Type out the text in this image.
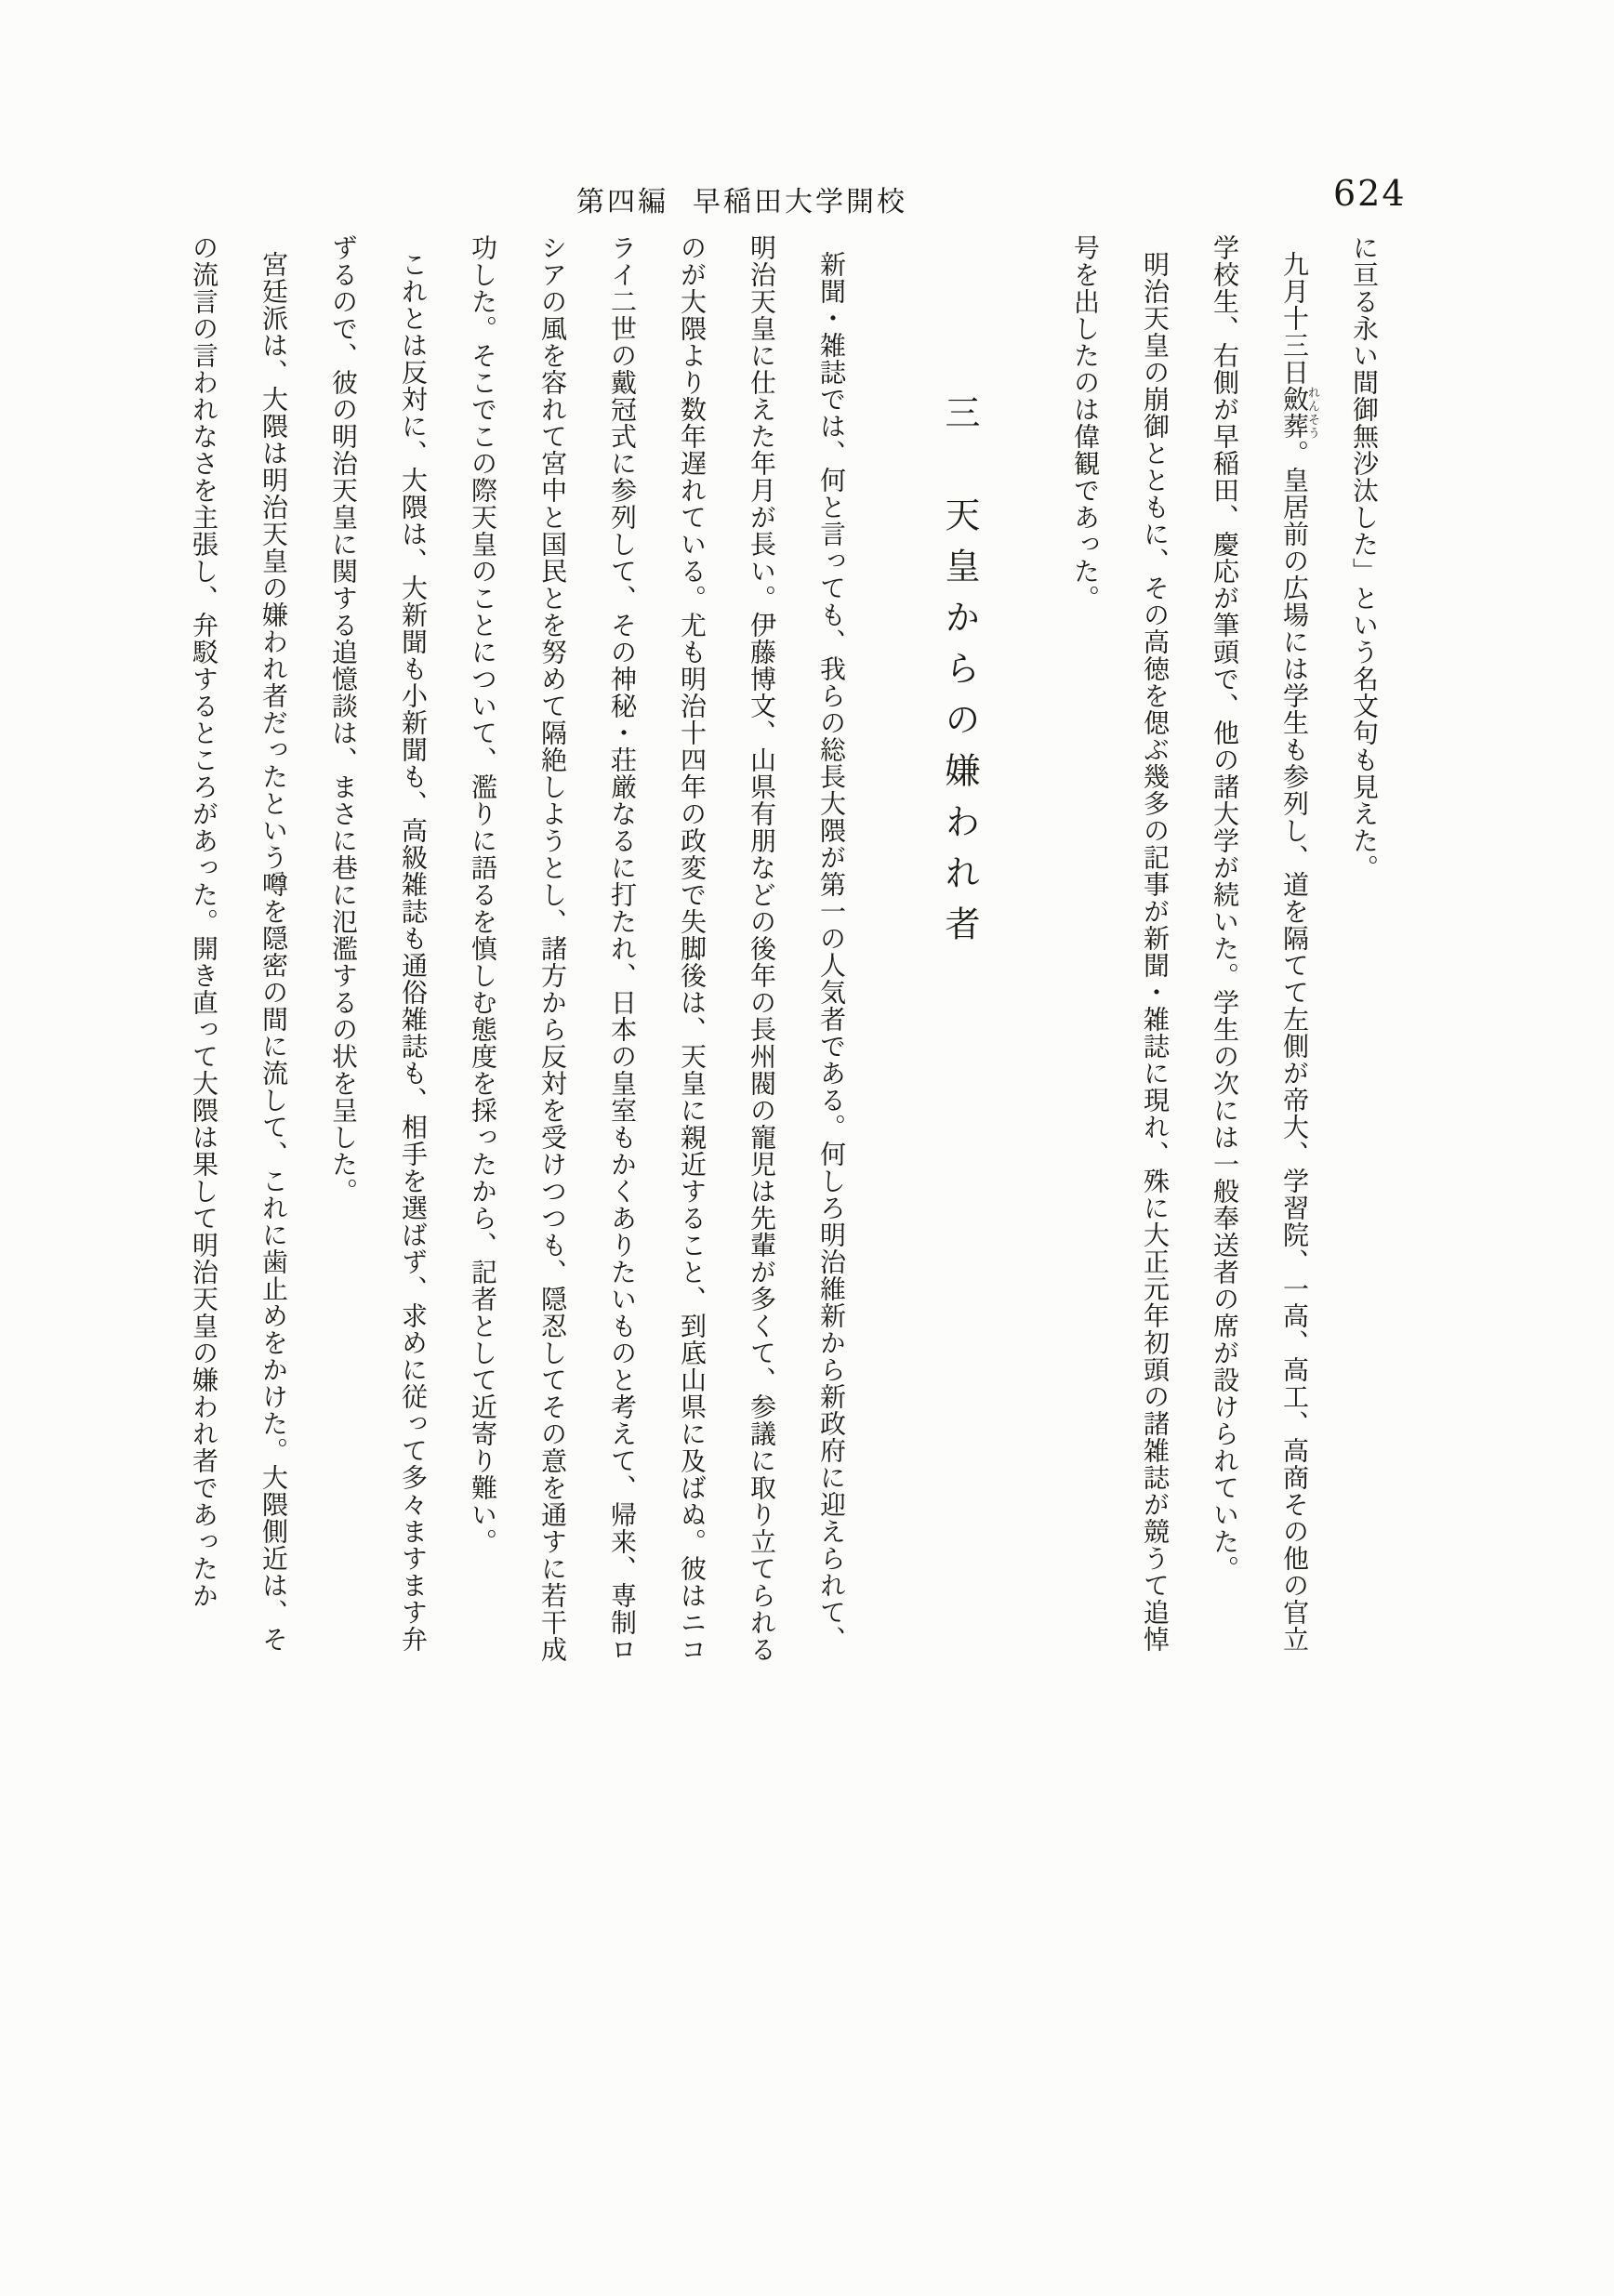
第四編 早稲田大学開校	624

に亘る永い間御無沙汰した」という名文句も見えた。

九月十三日斂葬れんそう。皇居前の広場には学生も参列し、道を隔てて左側が帝大、学習院、一高、高工、高商その他の官立学校生、右側が早稲田、慶応が筆頭で、他の諸大学が続いた。学生の次には一般奉送者の席が設けられていた。

明治天皇の崩御とともに、その高徳を偲ぶ幾多の記事が新聞・雑誌に現れ、殊に大正元年初頭の諸雑誌が競うて追悼号を出したのは偉観であった。

三　天皇からの嫌われ者

新聞・雑誌では、何と言っても、我らの総長大隈が第一の人気者である。何しろ明治維新から新政府に迎えられて、明治天皇に仕えた年月が長い。伊藤博文、山県有朋などの後年の長州閥の寵児は先輩が多くて、参議に取り立てられるのが大隈より数年遅れている。尤も明治十四年の政変で失脚後は、天皇に親近すること、到底山県に及ばぬ。彼はニコライ二世の戴冠式に参列して、その神秘・荘厳なるに打たれ、日本の皇室もかくありたいものと考えて、帰来、専制ロシアの風を容れて宮中と国民とを努めて隔絶しようとし、諸方から反対を受けつつも、隠忍してその意を通すに若干成功した。そこでこの際天皇のことについて、濫りに語るを慎しむ態度を採ったから、記者として近寄り難い。

これとは反対に、大隈は、大新聞も小新聞も、高級雑誌も通俗雑誌も、相手を選ばず、求めに従って多々ますます弁ずるので、彼の明治天皇に関する追憶談は、まさに巷に氾濫するの状を呈した。

宮廷派は、大隈は明治天皇の嫌われ者だったという噂を隠密の間に流して、これに歯止めをかけた。大隈側近は、その流言の言われなさを主張し、弁駁するところがあった。開き直って大隈は果して明治天皇の嫌われ者であったか
